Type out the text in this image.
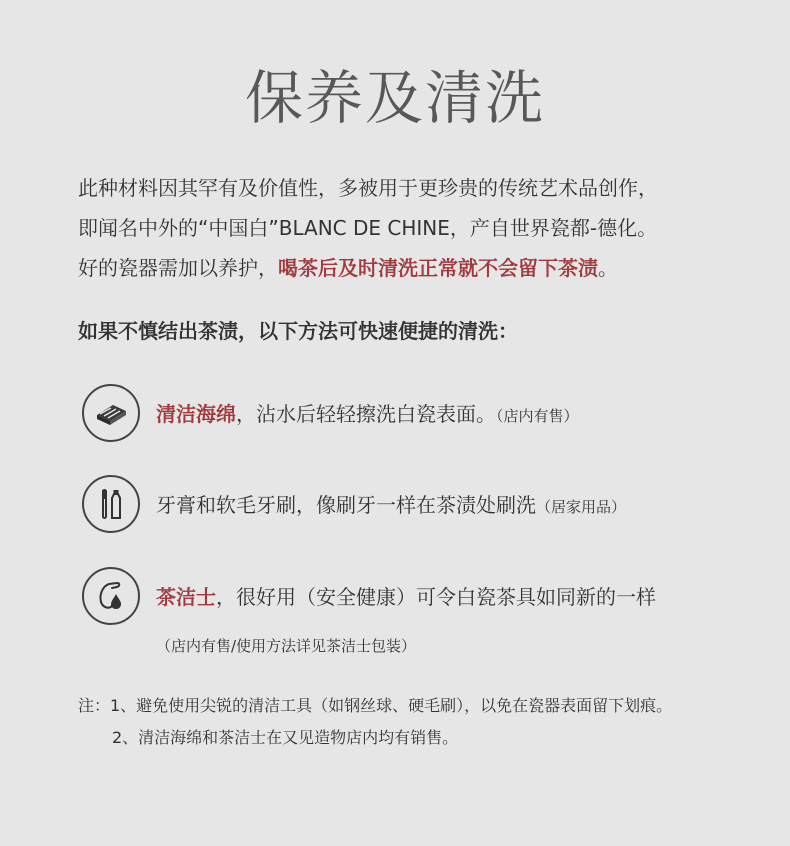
保养及清洗

此种材料因其罕有及价值性，多被用于更珍贵的传统艺术品创作，

即闻名中外的“中国白”BLANC DE CHINE，产自世界瓷都-德化。

好的瓷器需加以养护，喝茶后及时清洗正常就不会留下茶渍。

如果不慎结出茶渍，以下方法可快速便捷的清洗：
清洁海绵，沾水后轻轻擦洗白瓷表面。（店内有售）
牙膏和软毛牙刷，像刷牙一样在茶渍处刷洗（居家用品）
茶洁士，很好用（安全健康）可令白瓷茶具如同新的一样
（店内有售/使用方法详见茶洁士包装）

注：1、避免使用尖锐的清洁工具（如钢丝球、硬毛刷），以免在瓷器表面留下划痕。

2、清洁海绵和茶洁士在又见造物店内均有销售。
